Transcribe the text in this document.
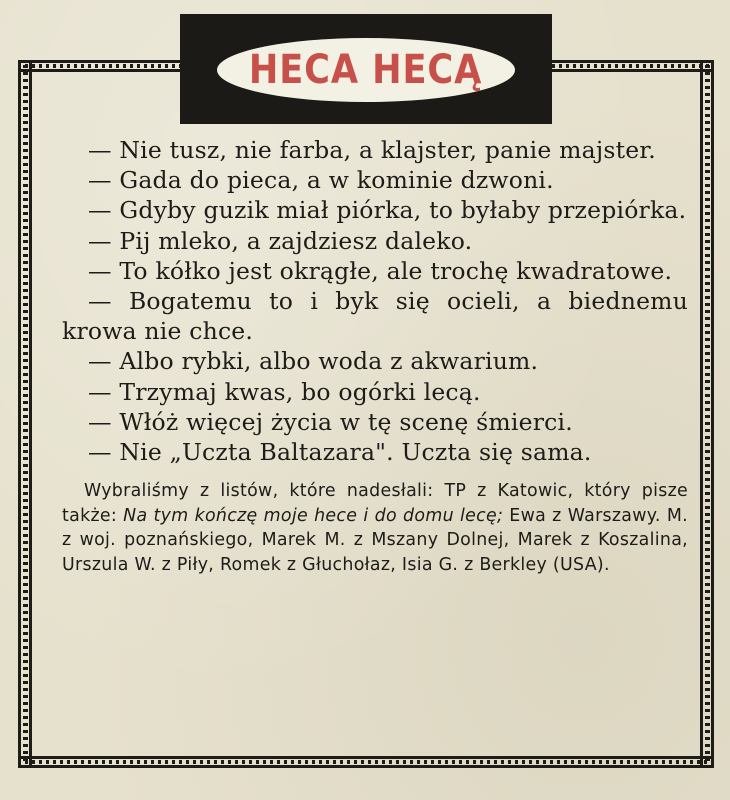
HECA HECĄ

— Nie tusz, nie farba, a klajster, panie majster.

— Gada do pieca, a w kominie dzwoni.

— Gdyby guzik miał piórka, to byłaby przepiórka.

— Pij mleko, a zajdziesz daleko.

— To kółko jest okrągłe, ale trochę kwadratowe.

— Bogatemu to i byk się ocieli, a biednemu krowa nie chce.

— Albo rybki, albo woda z akwarium.

— Trzymaj kwas, bo ogórki lecą.

— Włóż więcej życia w tę scenę śmierci.

— Nie „Uczta Baltazara". Uczta się sama.

Wybraliśmy z listów, które nadesłali: TP z Katowic, który pisze także: Na tym kończę moje hece i do domu lecę; Ewa z Warszawy. M. z woj. poznańskiego, Marek M. z Mszany Dolnej, Marek z Koszalina, Urszula W. z Piły, Romek z Głuchołaz, Isia G. z Berkley (USA).
